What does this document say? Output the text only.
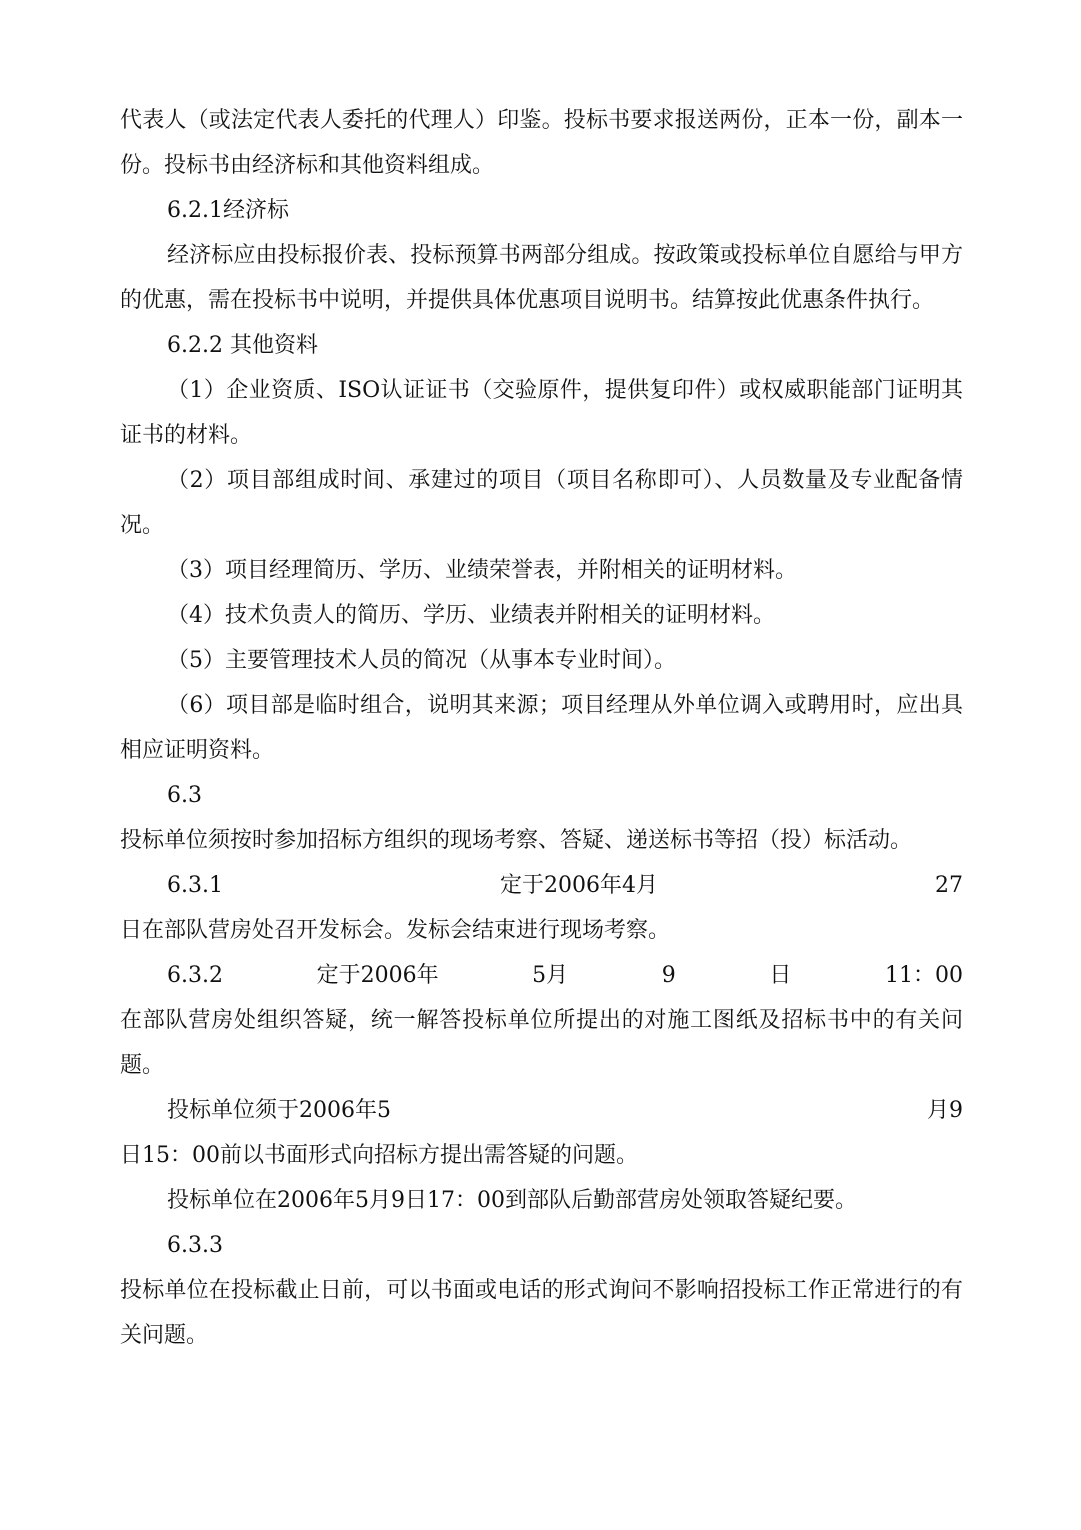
代表人（或法定代表人委托的代理人）印鉴。投标书要求报送两份，正本一份，副本一份。投标书由经济标和其他资料组成。

6.2.1经济标

经济标应由投标报价表、投标预算书两部分组成。按政策或投标单位自愿给与甲方的优惠，需在投标书中说明，并提供具体优惠项目说明书。结算按此优惠条件执行。

6.2.2 其他资料

（1）企业资质、ISO认证证书（交验原件，提供复印件）或权威职能部门证明其证书的材料。

（2）项目部组成时间、承建过的项目（项目名称即可）、人员数量及专业配备情况。

（3）项目经理简历、学历、业绩荣誉表，并附相关的证明材料。

（4）技术负责人的简历、学历、业绩表并附相关的证明材料。

（5）主要管理技术人员的简况（从事本专业时间）。

（6）项目部是临时组合，说明其来源；项目经理从外单位调入或聘用时，应出具相应证明资料。

6.3

投标单位须按时参加招标方组织的现场考察、答疑、递送标书等招（投）标活动。

6.3.1	定于2006年4月	27

日在部队营房处召开发标会。发标会结束进行现场考察。

6.3.2	定于2006年	5月	9	日	11：00

在部队营房处组织答疑，统一解答投标单位所提出的对施工图纸及招标书中的有关问题。

投标单位须于2006年5	月9

日15：00前以书面形式向招标方提出需答疑的问题。

投标单位在2006年5月9日17：00到部队后勤部营房处领取答疑纪要。

6.3.3

投标单位在投标截止日前，可以书面或电话的形式询问不影响招投标工作正常进行的有关问题。
